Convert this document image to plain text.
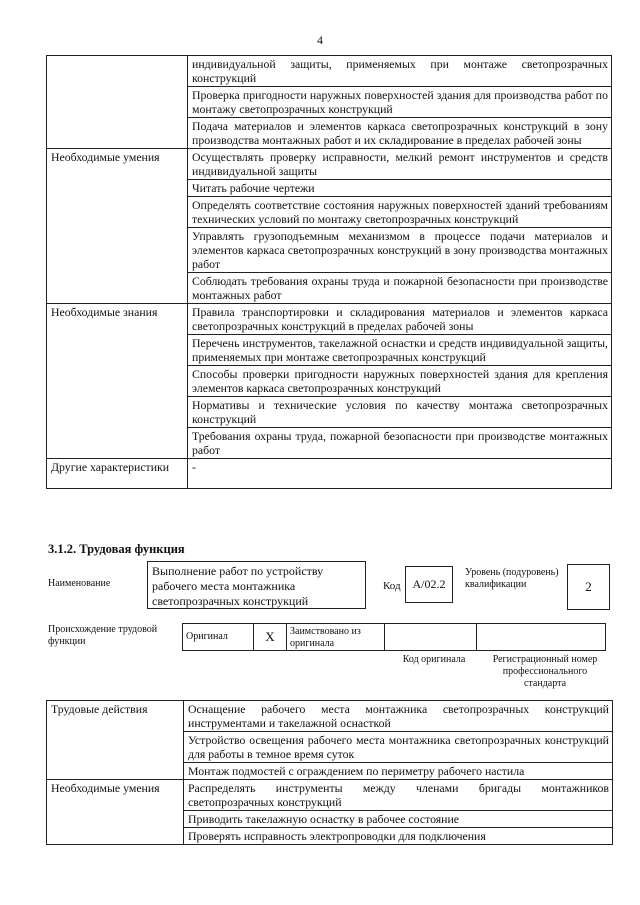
4
	индивидуальной защиты, применяемых при монтаже светопрозрачных конструкций
	Проверка пригодности наружных поверхностей здания для производства работ по монтажу светопрозрачных конструкций
	Подача материалов и элементов каркаса светопрозрачных конструкций в зону производства монтажных работ и их складирование в пределах рабочей зоны
Необходимые умения	Осуществлять проверку исправности, мелкий ремонт инструментов и средств индивидуальной защиты
	Читать рабочие чертежи
	Определять соответствие состояния наружных поверхностей зданий требованиям технических условий по монтажу светопрозрачных конструкций
	Управлять грузоподъемным механизмом в процессе подачи материалов и элементов каркаса светопрозрачных конструкций в зону производства монтажных работ
	Соблюдать требования охраны труда и пожарной безопасности при производстве монтажных работ
Необходимые знания	Правила транспортировки и складирования материалов и элементов каркаса светопрозрачных конструкций в пределах рабочей зоны
	Перечень инструментов, такелажной оснастки и средств индивидуальной защиты, применяемых при монтаже светопрозрачных конструкций
	Способы проверки пригодности наружных поверхностей здания для крепления элементов каркаса светопрозрачных конструкций
	Нормативы и технические условия по качеству монтажа светопрозрачных конструкций
	Требования охраны труда, пожарной безопасности при производстве монтажных работ
Другие характеристики	-
3.1.2. Трудовая функция
Наименование
Выполнение работ по устройству рабочего места монтажника светопрозрачных конструкций
Код A/02.2
Уровень (подуровень) квалификации	2
Происхождение трудовой функции	Оригинал	X	Заимствовано из оригинала
Код оригинала	Регистрационный номер профессионального стандарта
Трудовые действия	Оснащение рабочего места монтажника светопрозрачных конструкций инструментами и такелажной оснасткой
	Устройство освещения рабочего места монтажника светопрозрачных конструкций для работы в темное время суток
	Монтаж подмостей с ограждением по периметру рабочего настила
Необходимые умения	Распределять инструменты между членами бригады монтажников светопрозрачных конструкций
	Приводить такелажную оснастку в рабочее состояние
	Проверять исправность электропроводки для подключения
